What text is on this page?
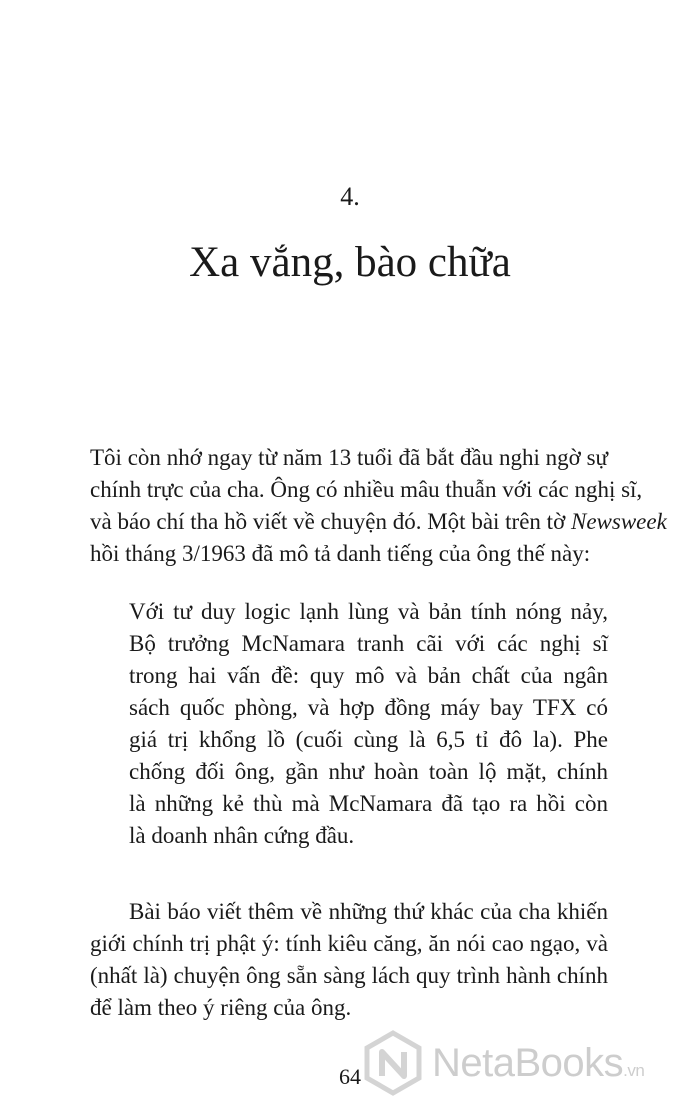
4.
Xa vắng, bào chữa
Tôi còn nhớ ngay từ năm 13 tuổi đã bắt đầu nghi ngờ sự
chính trực của cha. Ông có nhiều mâu thuẫn với các nghị sĩ,
và báo chí tha hồ viết về chuyện đó. Một bài trên tờ Newsweek
hồi tháng 3/1963 đã mô tả danh tiếng của ông thế này:
Với tư duy logic lạnh lùng và bản tính nóng nảy,
Bộ trưởng McNamara tranh cãi với các nghị sĩ
trong hai vấn đề: quy mô và bản chất của ngân
sách quốc phòng, và hợp đồng máy bay TFX có
giá trị khổng lồ (cuối cùng là 6,5 tỉ đô la). Phe
chống đối ông, gần như hoàn toàn lộ mặt, chính
là những kẻ thù mà McNamara đã tạo ra hồi còn
là doanh nhân cứng đầu.
Bài báo viết thêm về những thứ khác của cha khiến
giới chính trị phật ý: tính kiêu căng, ăn nói cao ngạo, và
(nhất là) chuyện ông sẵn sàng lách quy trình hành chính
để làm theo ý riêng của ông.
64	NetaBooks.vn
